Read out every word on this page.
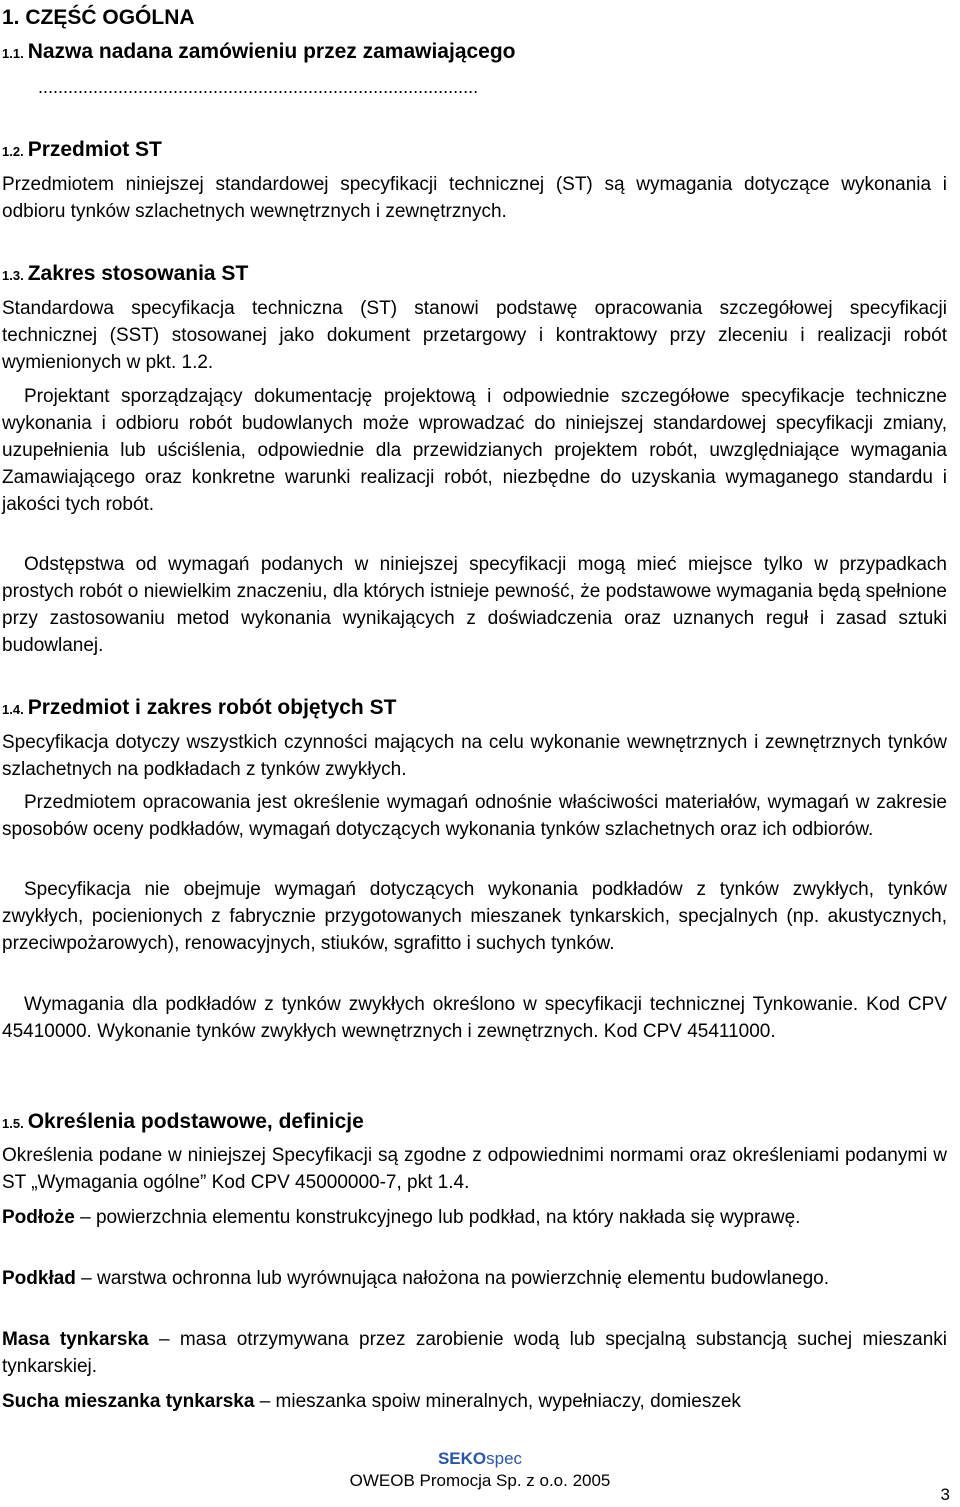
1. CZĘŚĆ OGÓLNA
1.1. Nazwa nadana zamówieniu przez zamawiającego
........................................................................................
1.2. Przedmiot ST

Przedmiotem niniejszej standardowej specyfikacji technicznej (ST) są wymagania dotyczące wykonania i odbioru tynków szlachetnych wewnętrznych i zewnętrznych.

1.3. Zakres stosowania ST

Standardowa specyfikacja techniczna (ST) stanowi podstawę opracowania szczegółowej specyfikacji technicznej (SST) stosowanej jako dokument przetargowy i kontraktowy przy zleceniu i realizacji robót wymienionych w pkt. 1.2.

Projektant sporządzający dokumentację projektową i odpowiednie szczegółowe specyfikacje techniczne wykonania i odbioru robót budowlanych może wprowadzać do niniejszej standardowej specyfikacji zmiany, uzupełnienia lub uściślenia, odpowiednie dla przewidzianych projektem robót, uwzględniające wymagania Zamawiającego oraz konkretne warunki realizacji robót, niezbędne do uzyskania wymaganego standardu i jakości tych robót.

Odstępstwa od wymagań podanych w niniejszej specyfikacji mogą mieć miejsce tylko w przypadkach prostych robót o niewielkim znaczeniu, dla których istnieje pewność, że podstawowe wymagania będą spełnione przy zastosowaniu metod wykonania wynikających z doświadczenia oraz uznanych reguł i zasad sztuki budowlanej.

1.4. Przedmiot i zakres robót objętych ST

Specyfikacja dotyczy wszystkich czynności mających na celu wykonanie wewnętrznych i zewnętrznych tynków szlachetnych na podkładach z tynków zwykłych.

Przedmiotem opracowania jest określenie wymagań odnośnie właściwości materiałów, wymagań w zakresie sposobów oceny podkładów, wymagań dotyczących wykonania tynków szlachetnych oraz ich odbiorów.

Specyfikacja nie obejmuje wymagań dotyczących wykonania podkładów z tynków zwykłych, tynków zwykłych, pocienionych z fabrycznie przygotowanych mieszanek tynkarskich, specjalnych (np. akustycznych, przeciwpożarowych), renowacyjnych, stiuków, sgrafitto i suchych tynków.

Wymagania dla podkładów z tynków zwykłych określono w specyfikacji technicznej Tynkowanie. Kod CPV 45410000. Wykonanie tynków zwykłych wewnętrznych i zewnętrznych. Kod CPV 45411000.

1.5. Określenia podstawowe, definicje

Określenia podane w niniejszej Specyfikacji są zgodne z odpowiednimi normami oraz określeniami podanymi w ST „Wymagania ogólne” Kod CPV 45000000-7, pkt 1.4.

Podłoże – powierzchnia elementu konstrukcyjnego lub podkład, na który nakłada się wyprawę.

Podkład – warstwa ochronna lub wyrównująca nałożona na powierzchnię elementu budowlanego.

Masa tynkarska – masa otrzymywana przez zarobienie wodą lub specjalną substancją suchej mieszanki tynkarskiej.

Sucha mieszanka tynkarska – mieszanka spoiw mineralnych, wypełniaczy, domieszek

SEKOspec
OWEOB Promocja Sp. z o.o. 2005
3
